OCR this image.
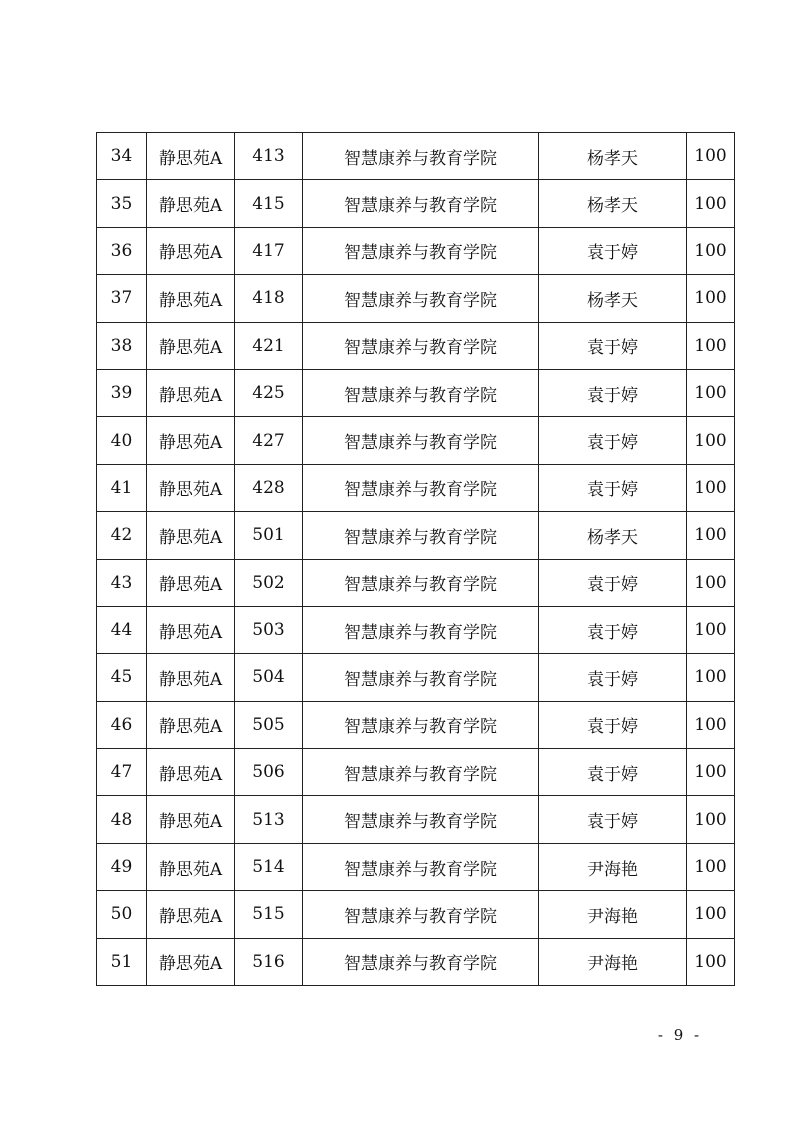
34	静思苑A	413	智慧康养与教育学院	杨孝天	100
35	静思苑A	415	智慧康养与教育学院	杨孝天	100
36	静思苑A	417	智慧康养与教育学院	袁于婷	100
37	静思苑A	418	智慧康养与教育学院	杨孝天	100
38	静思苑A	421	智慧康养与教育学院	袁于婷	100
39	静思苑A	425	智慧康养与教育学院	袁于婷	100
40	静思苑A	427	智慧康养与教育学院	袁于婷	100
41	静思苑A	428	智慧康养与教育学院	袁于婷	100
42	静思苑A	501	智慧康养与教育学院	杨孝天	100
43	静思苑A	502	智慧康养与教育学院	袁于婷	100
44	静思苑A	503	智慧康养与教育学院	袁于婷	100
45	静思苑A	504	智慧康养与教育学院	袁于婷	100
46	静思苑A	505	智慧康养与教育学院	袁于婷	100
47	静思苑A	506	智慧康养与教育学院	袁于婷	100
48	静思苑A	513	智慧康养与教育学院	袁于婷	100
49	静思苑A	514	智慧康养与教育学院	尹海艳	100
50	静思苑A	515	智慧康养与教育学院	尹海艳	100
51	静思苑A	516	智慧康养与教育学院	尹海艳	100
- 9 -
